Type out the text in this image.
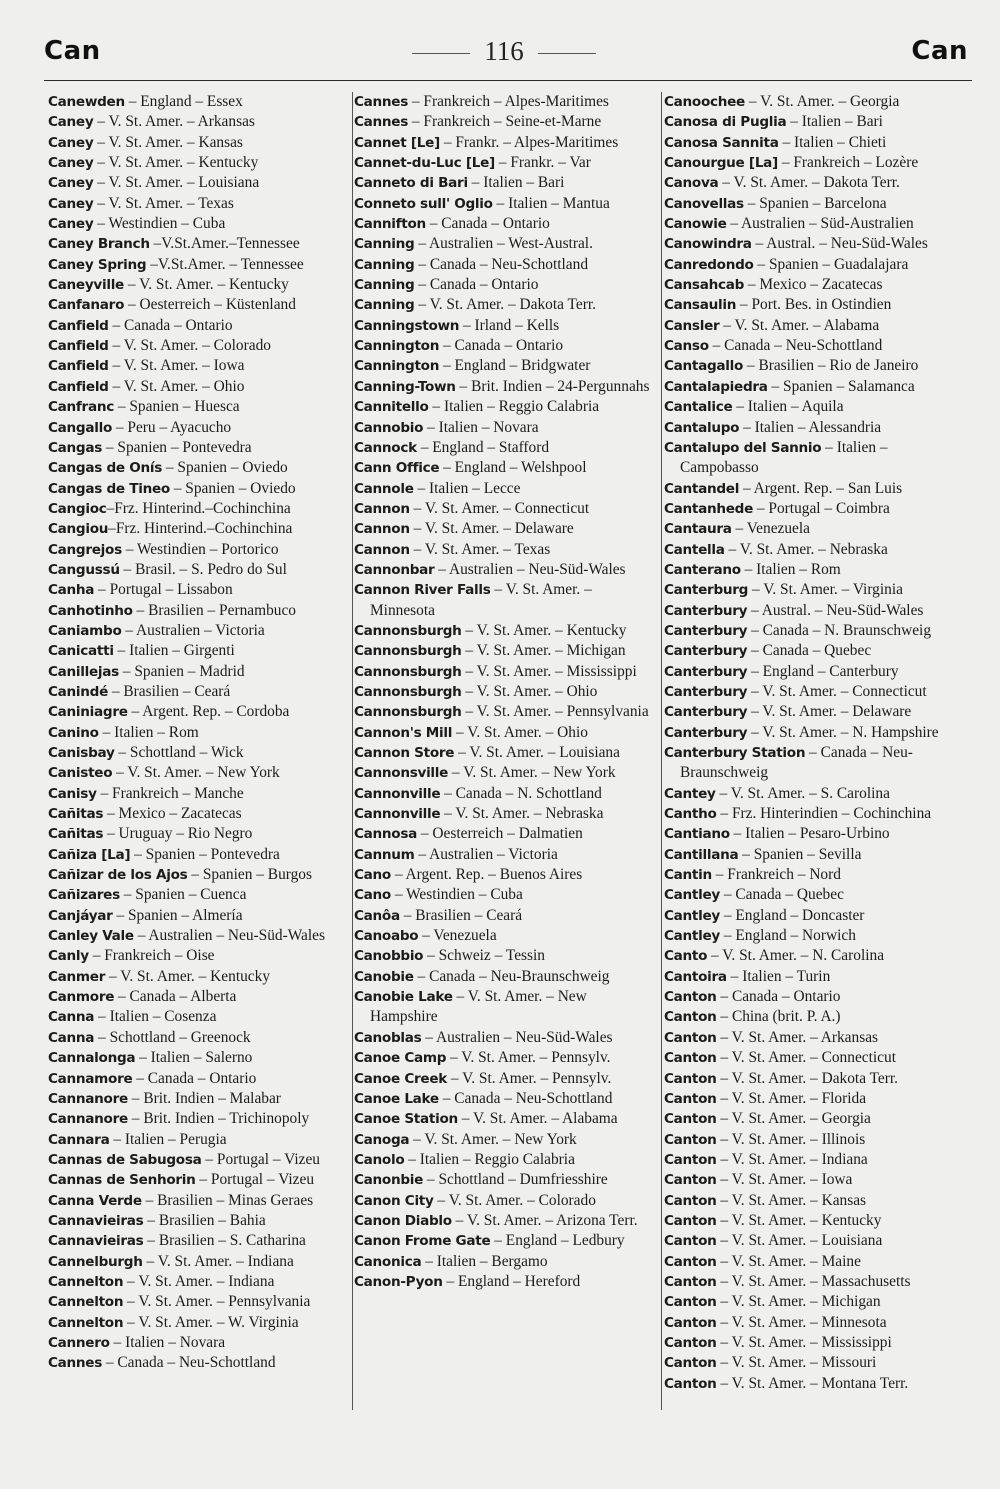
Can	116	Can
Canewden – England – Essex
Caney – V. St. Amer. – Arkansas
Caney – V. St. Amer. – Kansas
Caney – V. St. Amer. – Kentucky
Caney – V. St. Amer. – Louisiana
Caney – V. St. Amer. – Texas
Caney – Westindien – Cuba
Caney Branch –V.St.Amer.–Tennessee
Caney Spring –V.St.Amer. – Tennessee
Caneyville – V. St. Amer. – Kentucky
Canfanaro – Oesterreich – Küstenland
Canfield – Canada – Ontario
Canfield – V. St. Amer. – Colorado
Canfield – V. St. Amer. – Iowa
Canfield – V. St. Amer. – Ohio
Canfranc – Spanien – Huesca
Cangallo – Peru – Ayacucho
Cangas – Spanien – Pontevedra
Cangas de Onís – Spanien – Oviedo
Cangas de Tineo – Spanien – Oviedo
Cangioc–Frz. Hinterind.–Cochinchina
Cangiou–Frz. Hinterind.–Cochinchina
Cangrejos – Westindien – Portorico
Cangussú – Brasil. – S. Pedro do Sul
Canha – Portugal – Lissabon
Canhotinho – Brasilien – Pernambuco
Caniambo – Australien – Victoria
Canicatti – Italien – Girgenti
Canillejas – Spanien – Madrid
Canindé – Brasilien – Ceará
Caniniagre – Argent. Rep. – Cordoba
Canino – Italien – Rom
Canisbay – Schottland – Wick
Canisteo – V. St. Amer. – New York
Canisy – Frankreich – Manche
Cañitas – Mexico – Zacatecas
Cañitas – Uruguay – Rio Negro
Cañiza [La] – Spanien – Pontevedra
Cañizar de los Ajos – Spanien – Burgos
Cañizares – Spanien – Cuenca
Canjáyar – Spanien – Almería
Canley Vale – Australien – Neu-Süd-Wales
Canly – Frankreich – Oise
Canmer – V. St. Amer. – Kentucky
Canmore – Canada – Alberta
Canna – Italien – Cosenza
Canna – Schottland – Greenock
Cannalonga – Italien – Salerno
Cannamore – Canada – Ontario
Cannanore – Brit. Indien – Malabar
Cannanore – Brit. Indien – Trichinopoly
Cannara – Italien – Perugia
Cannas de Sabugosa – Portugal – Vizeu
Cannas de Senhorin – Portugal – Vizeu
Canna Verde – Brasilien – Minas Geraes
Cannavieiras – Brasilien – Bahia
Cannavieiras – Brasilien – S. Catharina
Cannelburgh – V. St. Amer. – Indiana
Cannelton – V. St. Amer. – Indiana
Cannelton – V. St. Amer. – Pennsylvania
Cannelton – V. St. Amer. – W. Virginia
Cannero – Italien – Novara
Cannes – Canada – Neu-Schottland
Cannes – Frankreich – Alpes-Maritimes
Cannes – Frankreich – Seine-et-Marne
Cannet [Le] – Frankr. – Alpes-Maritimes
Cannet-du-Luc [Le] – Frankr. – Var
Canneto di Bari – Italien – Bari
Conneto sull' Oglio – Italien – Mantua
Cannifton – Canada – Ontario
Canning – Australien – West-Austral.
Canning – Canada – Neu-Schottland
Canning – Canada – Ontario
Canning – V. St. Amer. – Dakota Terr.
Canningstown – Irland – Kells
Cannington – Canada – Ontario
Cannington – England – Bridgwater
Canning-Town – Brit. Indien – 24-Pergunnahs
Cannitello – Italien – Reggio Calabria
Cannobio – Italien – Novara
Cannock – England – Stafford
Cann Office – England – Welshpool
Cannole – Italien – Lecce
Cannon – V. St. Amer. – Connecticut
Cannon – V. St. Amer. – Delaware
Cannon – V. St. Amer. – Texas
Cannonbar – Australien – Neu-Süd-Wales
Cannon River Falls – V. St. Amer. – Minnesota
Cannonsburgh – V. St. Amer. – Kentucky
Cannonsburgh – V. St. Amer. – Michigan
Cannonsburgh – V. St. Amer. – Mississippi
Cannonsburgh – V. St. Amer. – Ohio
Cannonsburgh – V. St. Amer. – Pennsylvania
Cannon's Mill – V. St. Amer. – Ohio
Cannon Store – V. St. Amer. – Louisiana
Cannonsville – V. St. Amer. – New York
Cannonville – Canada – N. Schottland
Cannonville – V. St. Amer. – Nebraska
Cannosa – Oesterreich – Dalmatien
Cannum – Australien – Victoria
Cano – Argent. Rep. – Buenos Aires
Cano – Westindien – Cuba
Canôa – Brasilien – Ceará
Canoabo – Venezuela
Canobbio – Schweiz – Tessin
Canobie – Canada – Neu-Braunschweig
Canobie Lake – V. St. Amer. – New Hampshire
Canoblas – Australien – Neu-Süd-Wales
Canoe Camp – V. St. Amer. – Pennsylv.
Canoe Creek – V. St. Amer. – Pennsylv.
Canoe Lake – Canada – Neu-Schottland
Canoe Station – V. St. Amer. – Alabama
Canoga – V. St. Amer. – New York
Canolo – Italien – Reggio Calabria
Canonbie – Schottland – Dumfriesshire
Canon City – V. St. Amer. – Colorado
Canon Diablo – V. St. Amer. – Arizona Terr.
Canon Frome Gate – England – Ledbury
Canonica – Italien – Bergamo
Canon-Pyon – England – Hereford
Canoochee – V. St. Amer. – Georgia
Canosa di Puglia – Italien – Bari
Canosa Sannita – Italien – Chieti
Canourgue [La] – Frankreich – Lozère
Canova – V. St. Amer. – Dakota Terr.
Canovellas – Spanien – Barcelona
Canowie – Australien – Süd-Australien
Canowindra – Austral. – Neu-Süd-Wales
Canredondo – Spanien – Guadalajara
Cansahcab – Mexico – Zacatecas
Cansaulin – Port. Bes. in Ostindien
Cansler – V. St. Amer. – Alabama
Canso – Canada – Neu-Schottland
Cantagallo – Brasilien – Rio de Janeiro
Cantalapiedra – Spanien – Salamanca
Cantalice – Italien – Aquila
Cantalupo – Italien – Alessandria
Cantalupo del Sannio – Italien – Campobasso
Cantandel – Argent. Rep. – San Luis
Cantanhede – Portugal – Coimbra
Cantaura – Venezuela
Cantella – V. St. Amer. – Nebraska
Canterano – Italien – Rom
Canterburg – V. St. Amer. – Virginia
Canterbury – Austral. – Neu-Süd-Wales
Canterbury – Canada – N. Braunschweig
Canterbury – Canada – Quebec
Canterbury – England – Canterbury
Canterbury – V. St. Amer. – Connecticut
Canterbury – V. St. Amer. – Delaware
Canterbury – V. St. Amer. – N. Hampshire
Canterbury Station – Canada – Neu-Braunschweig
Cantey – V. St. Amer. – S. Carolina
Cantho – Frz. Hinterindien – Cochinchina
Cantiano – Italien – Pesaro-Urbino
Cantillana – Spanien – Sevilla
Cantin – Frankreich – Nord
Cantley – Canada – Quebec
Cantley – England – Doncaster
Cantley – England – Norwich
Canto – V. St. Amer. – N. Carolina
Cantoira – Italien – Turin
Canton – Canada – Ontario
Canton – China (brit. P. A.)
Canton – V. St. Amer. – Arkansas
Canton – V. St. Amer. – Connecticut
Canton – V. St. Amer. – Dakota Terr.
Canton – V. St. Amer. – Florida
Canton – V. St. Amer. – Georgia
Canton – V. St. Amer. – Illinois
Canton – V. St. Amer. – Indiana
Canton – V. St. Amer. – Iowa
Canton – V. St. Amer. – Kansas
Canton – V. St. Amer. – Kentucky
Canton – V. St. Amer. – Louisiana
Canton – V. St. Amer. – Maine
Canton – V. St. Amer. – Massachusetts
Canton – V. St. Amer. – Michigan
Canton – V. St. Amer. – Minnesota
Canton – V. St. Amer. – Mississippi
Canton – V. St. Amer. – Missouri
Canton – V. St. Amer. – Montana Terr.
